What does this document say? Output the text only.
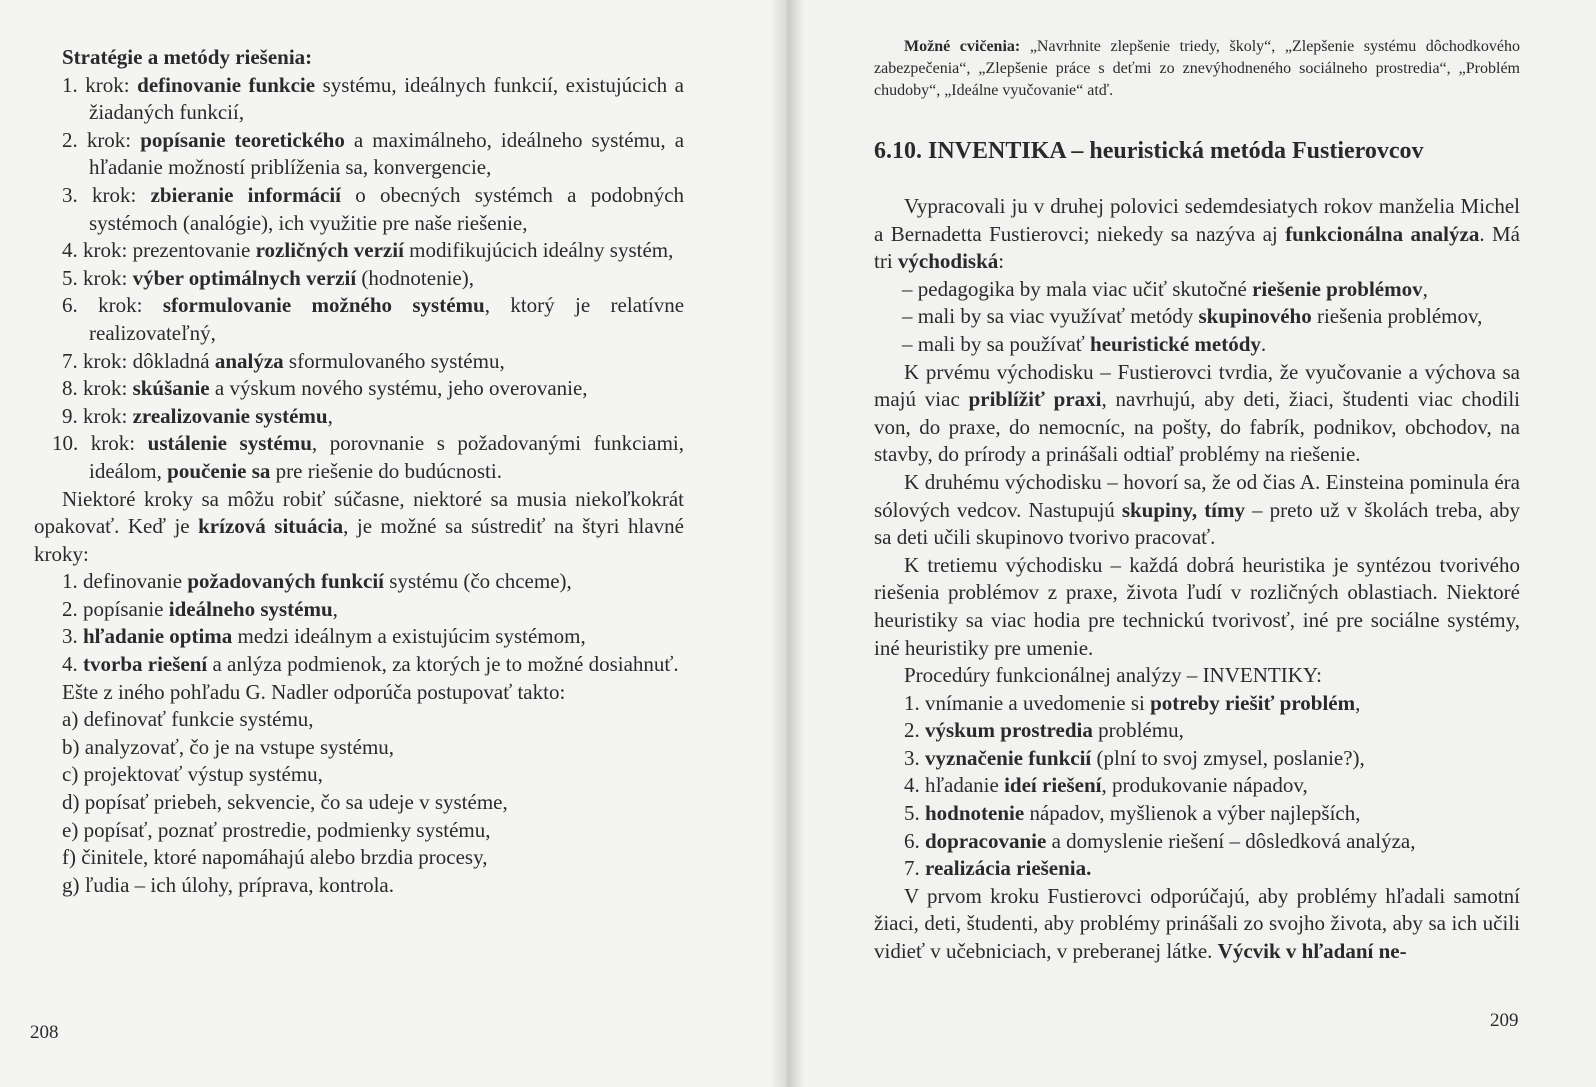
Stratégie a metódy riešenia:

1. krok: definovanie funkcie systému, ideálnych funkcií, existujúcich a žiadaných funkcií,

2. krok: popísanie teoretického a maximálneho, ideálneho systému, a hľadanie možností priblíženia sa, konvergencie,

3. krok: zbieranie informácií o obecných systémch a podobných systémoch (analógie), ich využitie pre naše riešenie,

4. krok: prezentovanie rozličných verzií modifikujúcich ideálny systém,

5. krok: výber optimálnych verzií (hodnotenie),

6. krok: sformulovanie možného systému, ktorý je relatívne realizovateľný,

7. krok: dôkladná analýza sformulovaného systému,

8. krok: skúšanie a výskum nového systému, jeho overovanie,

9. krok: zrealizovanie systému,

10. krok: ustálenie systému, porovnanie s požadovanými funkciami, ideálom, poučenie sa pre riešenie do budúcnosti.

Niektoré kroky sa môžu robiť súčasne, niektoré sa musia niekoľkokrát opakovať. Keď je krízová situácia, je možné sa sústrediť na štyri hlavné kroky:

1. definovanie požadovaných funkcií systému (čo chceme),

2. popísanie ideálneho systému,

3. hľadanie optima medzi ideálnym a existujúcim systémom,

4. tvorba riešení a anlýza podmienok, za ktorých je to možné dosiahnuť.

Ešte z iného pohľadu G. Nadler odporúča postupovať takto:

a) definovať funkcie systému,

b) analyzovať, čo je na vstupe systému,

c) projektovať výstup systému,

d) popísať priebeh, sekvencie, čo sa udeje v systéme,

e) popísať, poznať prostredie, podmienky systému,

f) činitele, ktoré napomáhajú alebo brzdia procesy,

g) ľudia – ich úlohy, príprava, kontrola.

208

Možné cvičenia: „Navrhnite zlepšenie triedy, školy“, „Zlepšenie systému dôchodkového zabezpečenia“, „Zlepšenie práce s deťmi zo znevýhodneného sociálneho prostredia“, „Problém chudoby“, „Ideálne vyučovanie“ atď.

6.10. INVENTIKA – heuristická metóda Fustierovcov

Vypracovali ju v druhej polovici sedemdesiatych rokov manželia Michel a Bernadetta Fustierovci; niekedy sa nazýva aj funkcionálna analýza. Má tri východiská:

– pedagogika by mala viac učiť skutočné riešenie problémov,

– mali by sa viac využívať metódy skupinového riešenia problémov,

– mali by sa používať heuristické metódy.

K prvému východisku – Fustierovci tvrdia, že vyučovanie a výchova sa majú viac priblížiť praxi, navrhujú, aby deti, žiaci, študenti viac chodili von, do praxe, do nemocníc, na pošty, do fabrík, podnikov, obchodov, na stavby, do prírody a prinášali odtiaľ problémy na riešenie.

K druhému východisku – hovorí sa, že od čias A. Einsteina pominula éra sólových vedcov. Nastupujú skupiny, tímy – preto už v školách treba, aby sa deti učili skupinovo tvorivo pracovať.

K tretiemu východisku – každá dobrá heuristika je syntézou tvorivého riešenia problémov z praxe, života ľudí v rozličných oblastiach. Niektoré heuristiky sa viac hodia pre technickú tvorivosť, iné pre sociálne systémy, iné heuristiky pre umenie.

Procedúry funkcionálnej analýzy – INVENTIKY:

1. vnímanie a uvedomenie si potreby riešiť problém,

2. výskum prostredia problému,

3. vyznačenie funkcií (plní to svoj zmysel, poslanie?),

4. hľadanie ideí riešení, produkovanie nápadov,

5. hodnotenie nápadov, myšlienok a výber najlepších,

6. dopracovanie a domyslenie riešení – dôsledková analýza,

7. realizácia riešenia.

V prvom kroku Fustierovci odporúčajú, aby problémy hľadali samotní žiaci, deti, študenti, aby problémy prinášali zo svojho života, aby sa ich učili vidieť v učebniciach, v preberanej látke. Výcvik v hľadaní ne-

209
